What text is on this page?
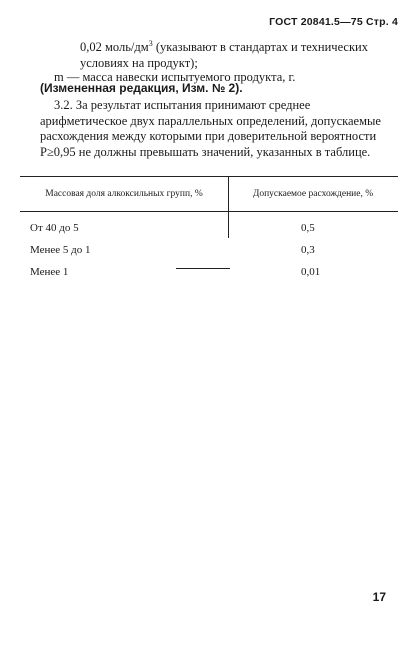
ГОСТ 20841.5—75 Стр. 4

0,02 моль/$дм^3$ (указывают в стандартах и технических условиях на продукт);

m — масса навески испытуемого продукта, г.

(Измененная редакция, Изм. № 2).

3.2. За результат испытания принимают среднее арифметическое двух параллельных определений, допускаемые расхождения между которыми при доверительной вероятности Р≥0,95 не должны превышать значений, указанных в таблице.

Массовая доля алкоксильных групп, %	Допускаемое расхождение, %
От 40 до 5	0,5
Менее 5 до 1	0,3
Менее 1	0,01
17
